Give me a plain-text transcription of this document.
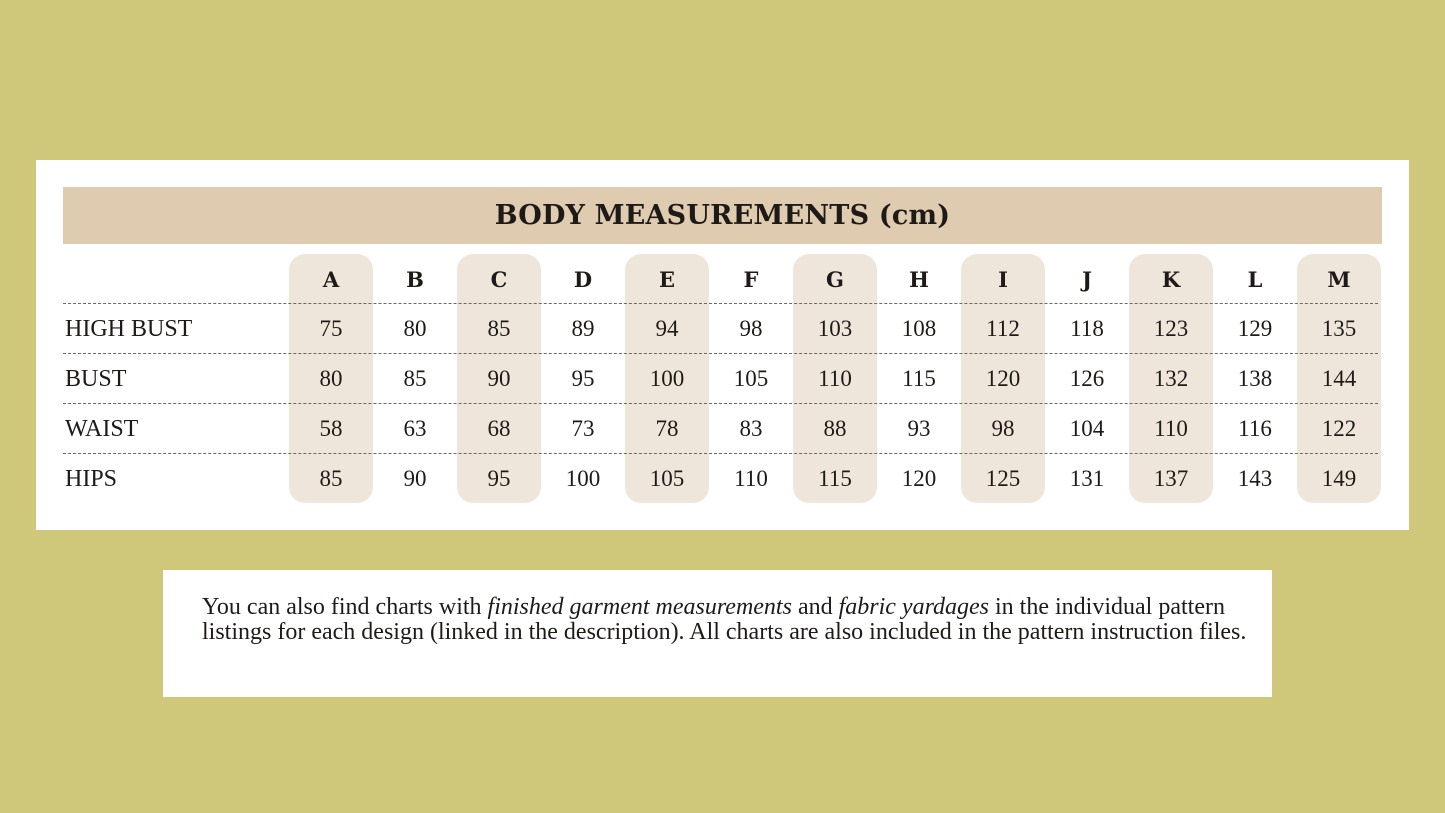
BODY MEASUREMENTS (cm)
A	B	C	D	E	F	G	H	I	J	K	L	M
HIGH BUST	75	80	85	89	94	98	103	108	112	118	123	129	135
BUST	80	85	90	95	100	105	110	115	120	126	132	138	144
WAIST	58	63	68	73	78	83	88	93	98	104	110	116	122
HIPS	85	90	95	100	105	110	115	120	125	131	137	143	149
You can also find charts with finished garment measurements and fabric yardages in the individual pattern listings for each design (linked in the description). All charts are also included in the pattern instruction files.
